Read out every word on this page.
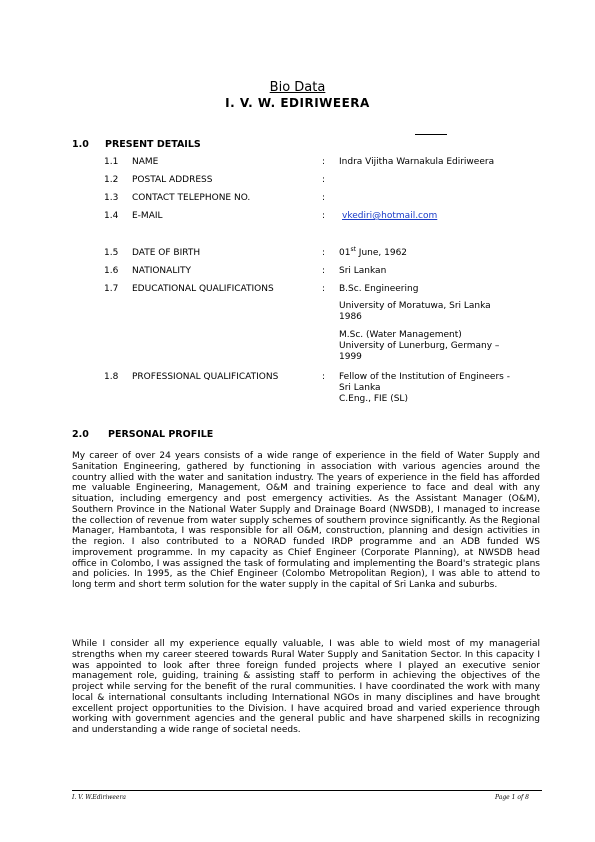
Bio Data
I. V. W. EDIRIWEERA
1.0 PRESENT DETAILS
1.1 NAME	: Indra Vijitha Warnakula Ediriweera
1.2 POSTAL ADDRESS	:
1.3 CONTACT TELEPHONE NO.	:
1.4 E-MAIL	: vkediri@hotmail.com
1.5 DATE OF BIRTH	: 01st June, 1962
1.6 NATIONALITY	: Sri Lankan
1.7 EDUCATIONAL QUALIFICATIONS	: B.Sc. Engineering
University of Moratuwa, Sri Lanka
1986
M.Sc. (Water Management)
University of Lunerburg, Germany –
1999
1.8 PROFESSIONAL QUALIFICATIONS	: Fellow of the Institution of Engineers -
Sri Lanka
C.Eng., FIE (SL)
2.0 PERSONAL PROFILE
My career of over 24 years consists of a wide range of experience in the field of Water Supply and Sanitation Engineering, gathered by functioning in association with various agencies around the country allied with the water and sanitation industry. The years of experience in the field has afforded me valuable Engineering, Management, O&M and training experience to face and deal with any situation, including emergency and post emergency activities. As the Assistant Manager (O&M), Southern Province in the National Water Supply and Drainage Board (NWSDB), I managed to increase the collection of revenue from water supply schemes of southern province significantly. As the Regional Manager, Hambantota, I was responsible for all O&M, construction, planning and design activities in the region. I also contributed to a NORAD funded IRDP programme and an ADB funded WS improvement programme. In my capacity as Chief Engineer (Corporate Planning), at NWSDB head office in Colombo, I was assigned the task of formulating and implementing the Board's strategic plans and policies. In 1995, as the Chief Engineer (Colombo Metropolitan Region), I was able to attend to long term and short term solution for the water supply in the capital of Sri Lanka and suburbs.
While I consider all my experience equally valuable, I was able to wield most of my managerial strengths when my career steered towards Rural Water Supply and Sanitation Sector. In this capacity I was appointed to look after three foreign funded projects where I played an executive senior management role, guiding, training & assisting staff to perform in achieving the objectives of the project while serving for the benefit of the rural communities. I have coordinated the work with many local & international consultants including International NGOs in many disciplines and have brought excellent project opportunities to the Division. I have acquired broad and varied experience through working with government agencies and the general public and have sharpened skills in recognizing and understanding a wide range of societal needs.
I. V. W.Ediriweera	Page 1 of 8
